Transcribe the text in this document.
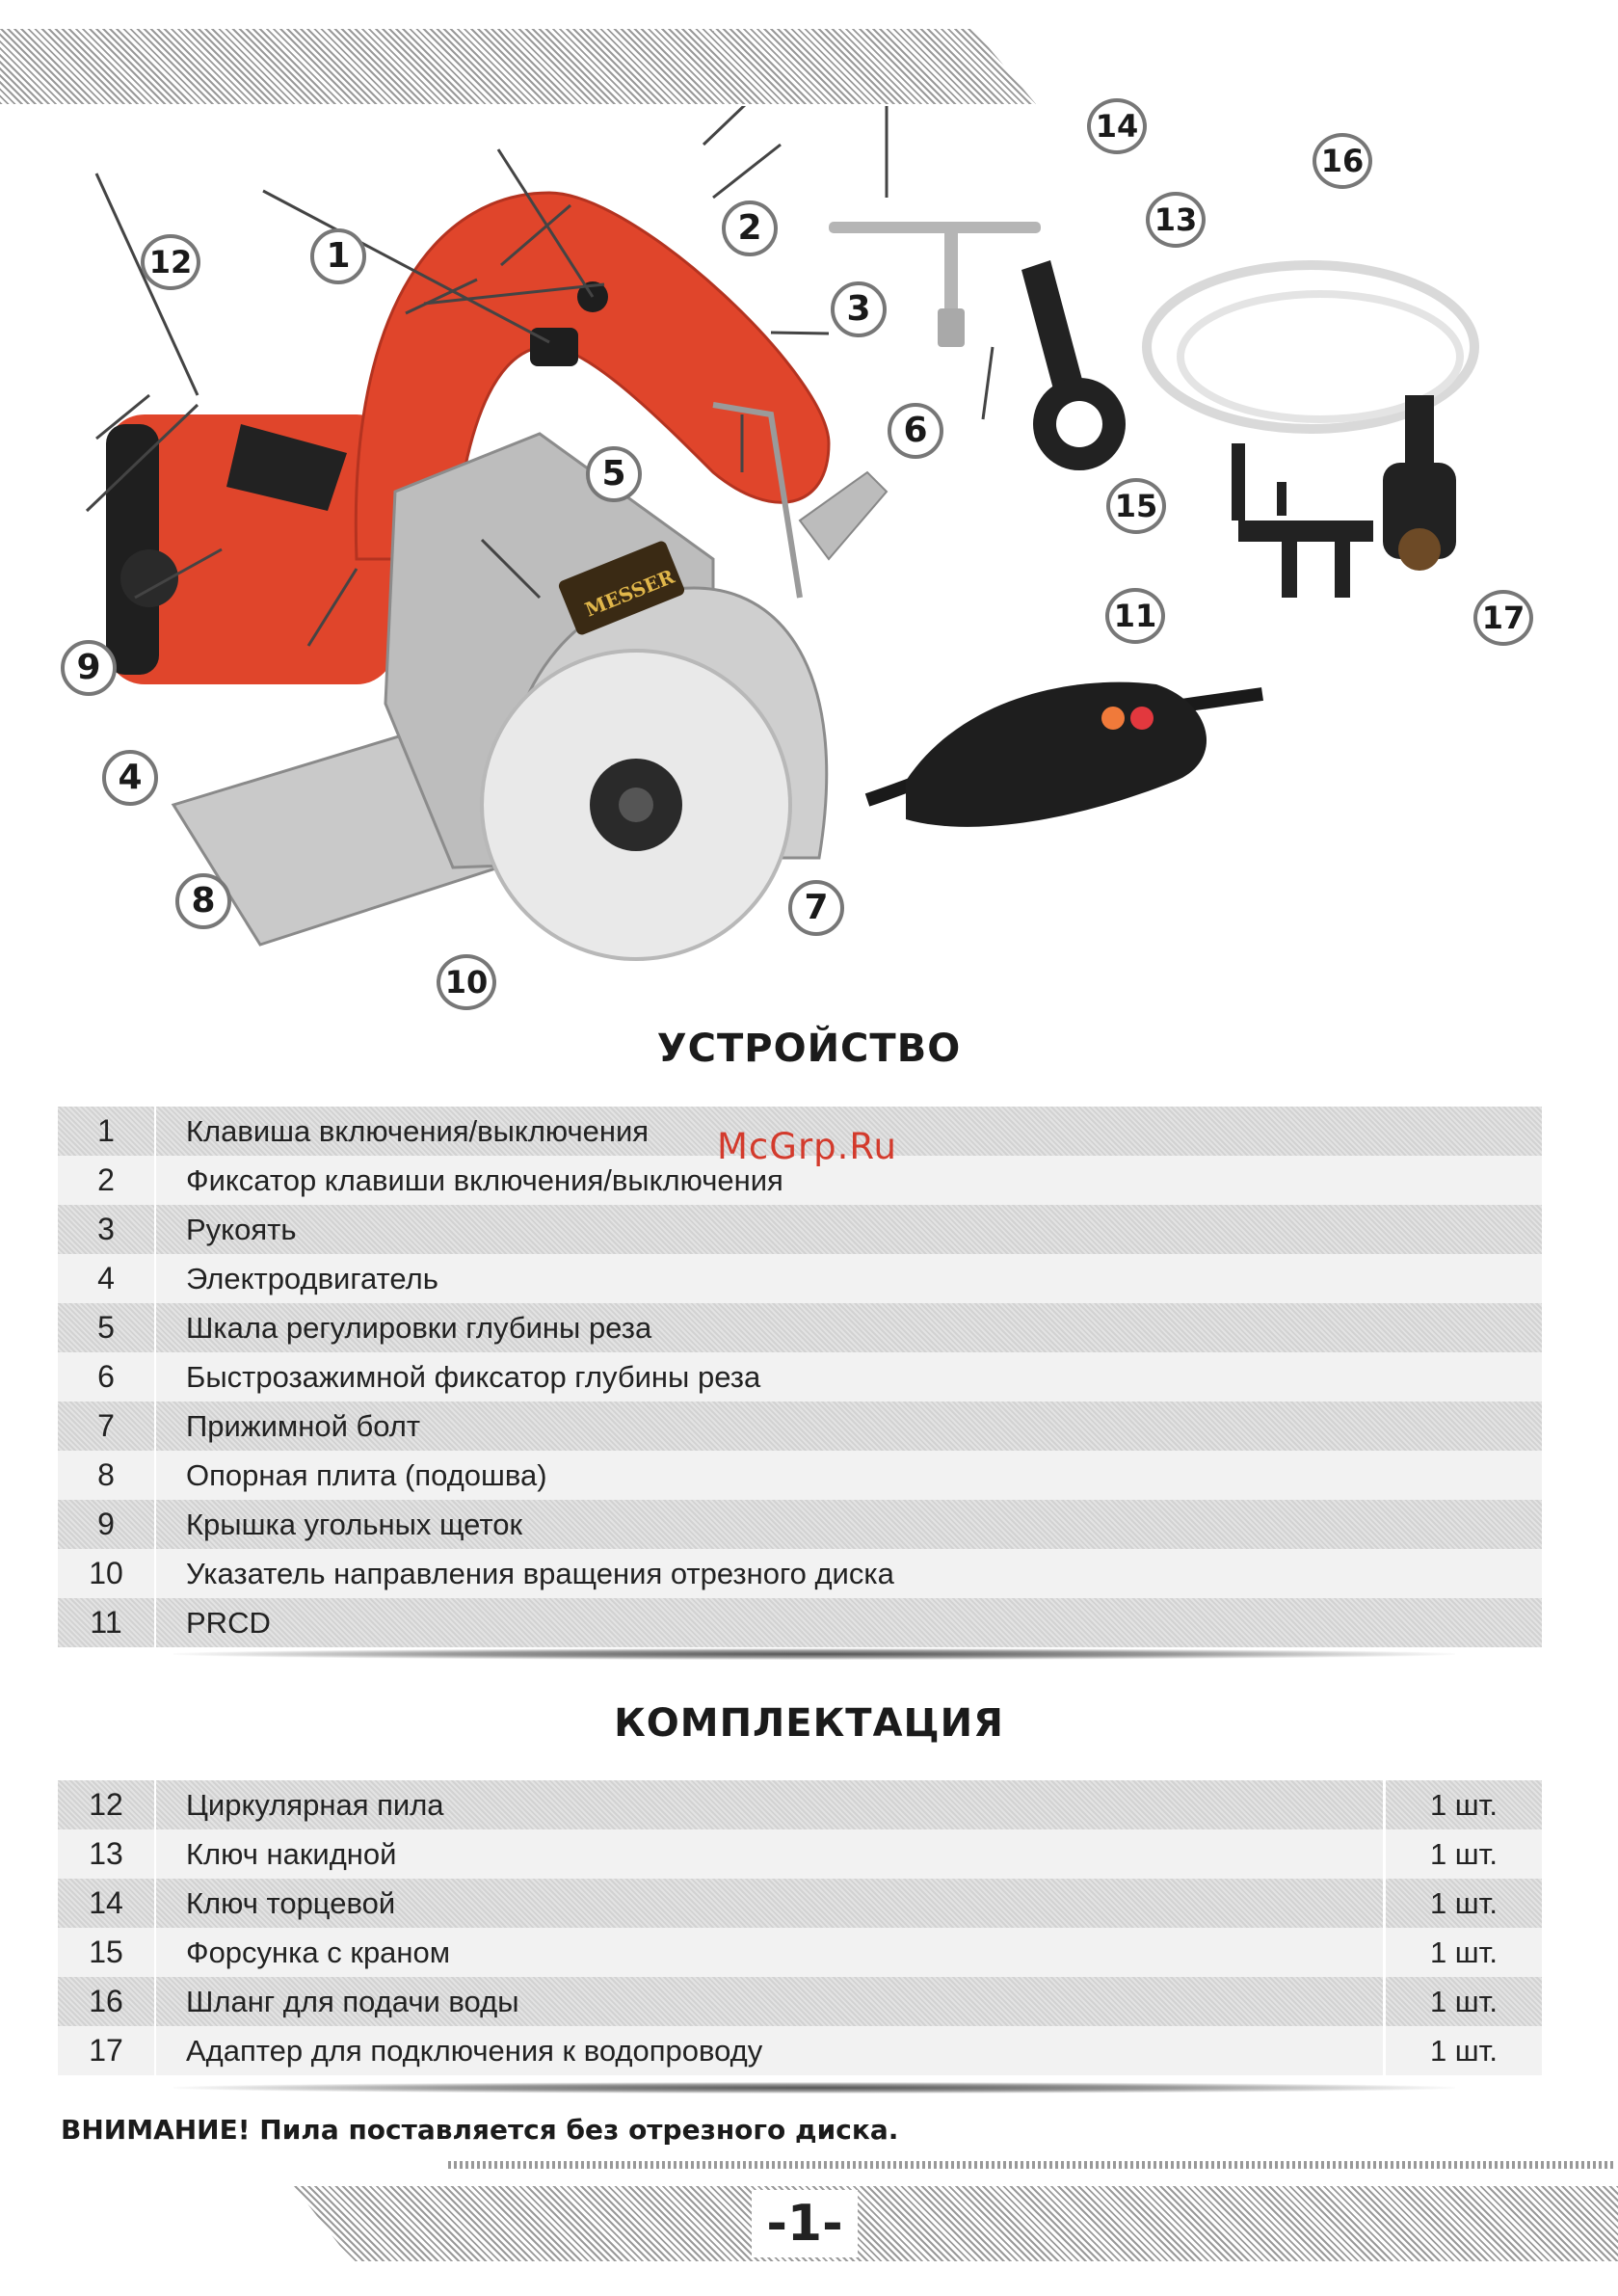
MESSER
1
2
3
4
5
6
7
8
9
10
11
12
13
14
15
16
17
УСТРОЙСТВО
1	Клавиша включения/выключения
2	Фиксатор клавиши включения/выключения
3	Рукоять
4	Электродвигатель
5	Шкала регулировки глубины реза
6	Быстрозажимной фиксатор глубины реза
7	Прижимной болт
8	Опорная плита (подошва)
9	Крышка угольных щеток
10	Указатель направления вращения отрезного диска
11	PRCD
McGrp.Ru
КОМПЛЕКТАЦИЯ
12	Циркулярная пила	1 шт.
13	Ключ накидной	1 шт.
14	Ключ торцевой	1 шт.
15	Форсунка с краном	1 шт.
16	Шланг для подачи воды	1 шт.
17	Адаптер для подключения к водопроводу	1 шт.
ВНИМАНИЕ! Пила поставляется без отрезного диска.
-1-
